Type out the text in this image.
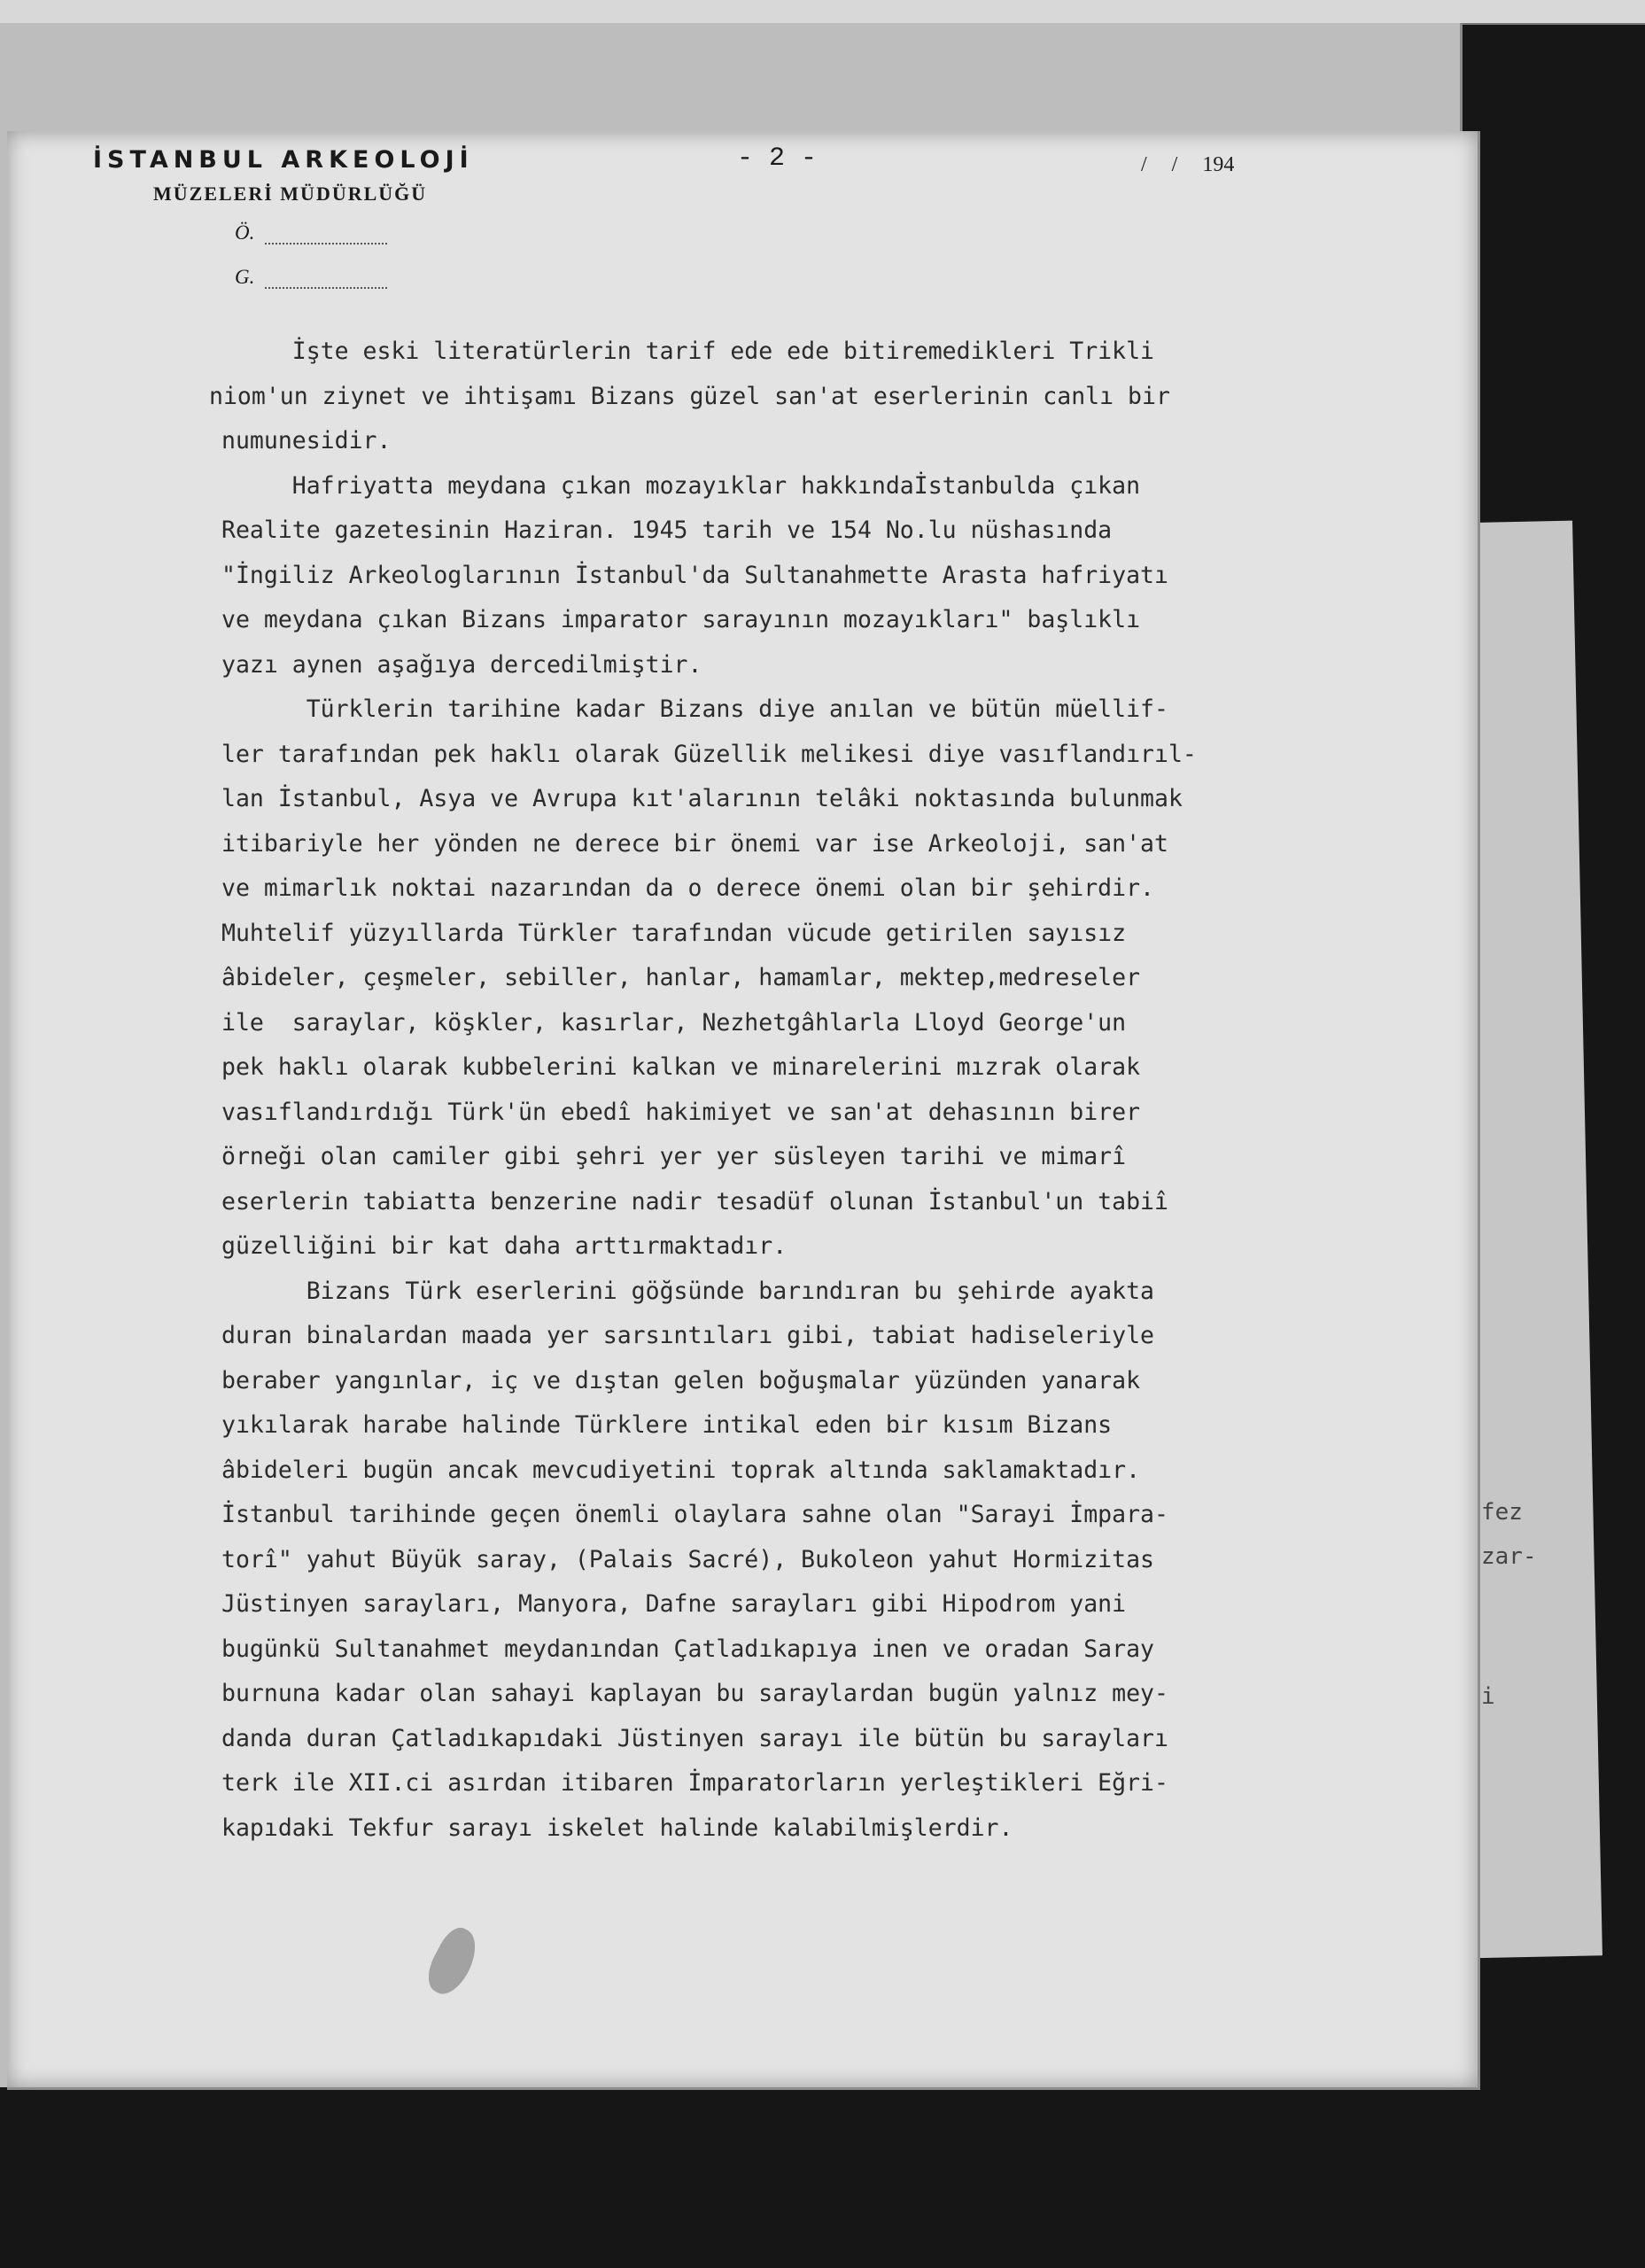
fez
zar-
i
İSTANBUL ARKEOLOJİ
MÜZELERİ MÜDÜRLÜĞÜ
Ö.
G.
- 2 -	/ / 194
İşte eski literatürlerin tarif ede ede bitiremedikleri Trikli
niom'un ziynet ve ihtişamı Bizans güzel san'at eserlerinin canlı bir
numunesidir.
Hafriyatta meydana çıkan mozayıklar hakkındaİstanbulda çıkan
Realite gazetesinin Haziran. 1945 tarih ve 154 No.lu nüshasında
"İngiliz Arkeologlarının İstanbul'da Sultanahmette Arasta hafriyatı
ve meydana çıkan Bizans imparator sarayının mozayıkları" başlıklı
yazı aynen aşağıya dercedilmiştir.
Türklerin tarihine kadar Bizans diye anılan ve bütün müellif-
ler tarafından pek haklı olarak Güzellik melikesi diye vasıflandırıl-
lan İstanbul, Asya ve Avrupa kıt'alarının telâki noktasında bulunmak
itibariyle her yönden ne derece bir önemi var ise Arkeoloji, san'at
ve mimarlık noktai nazarından da o derece önemi olan bir şehirdir.
Muhtelif yüzyıllarda Türkler tarafından vücude getirilen sayısız
âbideler, çeşmeler, sebiller, hanlar, hamamlar, mektep,medreseler
ile  saraylar, köşkler, kasırlar, Nezhetgâhlarla Lloyd George'un
pek haklı olarak kubbelerini kalkan ve minarelerini mızrak olarak
vasıflandırdığı Türk'ün ebedî hakimiyet ve san'at dehasının birer
örneği olan camiler gibi şehri yer yer süsleyen tarihi ve mimarî
eserlerin tabiatta benzerine nadir tesadüf olunan İstanbul'un tabiî
güzelliğini bir kat daha arttırmaktadır.
Bizans Türk eserlerini göğsünde barındıran bu şehirde ayakta
duran binalardan maada yer sarsıntıları gibi, tabiat hadiseleriyle
beraber yangınlar, iç ve dıştan gelen boğuşmalar yüzünden yanarak
yıkılarak harabe halinde Türklere intikal eden bir kısım Bizans
âbideleri bugün ancak mevcudiyetini toprak altında saklamaktadır.
İstanbul tarihinde geçen önemli olaylara sahne olan "Sarayi İmpara-
torî" yahut Büyük saray, (Palais Sacré), Bukoleon yahut Hormizitas
Jüstinyen sarayları, Manyora, Dafne sarayları gibi Hipodrom yani
bugünkü Sultanahmet meydanından Çatladıkapıya inen ve oradan Saray
burnuna kadar olan sahayi kaplayan bu saraylardan bugün yalnız mey-
danda duran Çatladıkapıdaki Jüstinyen sarayı ile bütün bu sarayları
terk ile XII.ci asırdan itibaren İmparatorların yerleştikleri Eğri-
kapıdaki Tekfur sarayı iskelet halinde kalabilmişlerdir.
